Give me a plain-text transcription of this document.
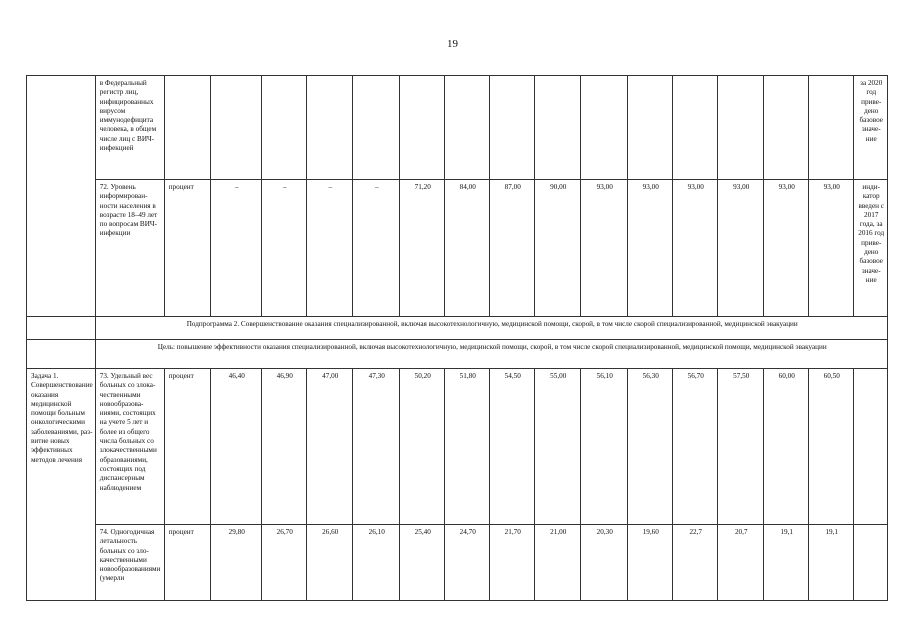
19
	в Федеральный регистр лиц, инфицированных вирусом иммунодефицита человека, в общем числе лиц с ВИЧ-инфекцией																за 2020 год приведено базовое значение
	72. Уровень информированности населения в возрасте 18–49 лет по вопросам ВИЧ-инфекции	процент	–	–	–	–	71,20	84,00	87,00	90,00	93,00	93,00	93,00	93,00	93,00	93,00	индикатор введен с 2017 года, за 2016 год приведено базовое значение
	Подпрограмма 2. Совершенствование оказания специализированной, включая высокотехнологичную, медицинской помощи, скорой, в том числе скорой специализированной, медицинской эвакуации																
	Цель: повышение эффективности оказания специализированной, включая высокотехнологичную, медицинской помощи, скорой, в том числе скорой специализированной, медицинской помощи, медицинской эвакуации																
Задача 1. Совершенствование оказания медицинской помощи больным онкологическими заболеваниями, развитие новых эффективных методов лечения	73. Удельный вес больных со злокачественными новообразованиями, состоящих на учете 5 лет и более из общего числа больных со злокачественными образованиями, состоящих под диспансерным наблюдением	процент	46,40	46,90	47,00	47,30	50,20	51,80	54,50	55,00	56,10	56,30	56,70	57,50	60,00	60,50	
	74. Одногодичная летальность больных со злокачественными новообразованиями (умерли	процент	29,80	26,70	26,60	26,10	25,40	24,70	21,70	21,00	20,30	19,60	22,7	20,7	19,1	19,1	
